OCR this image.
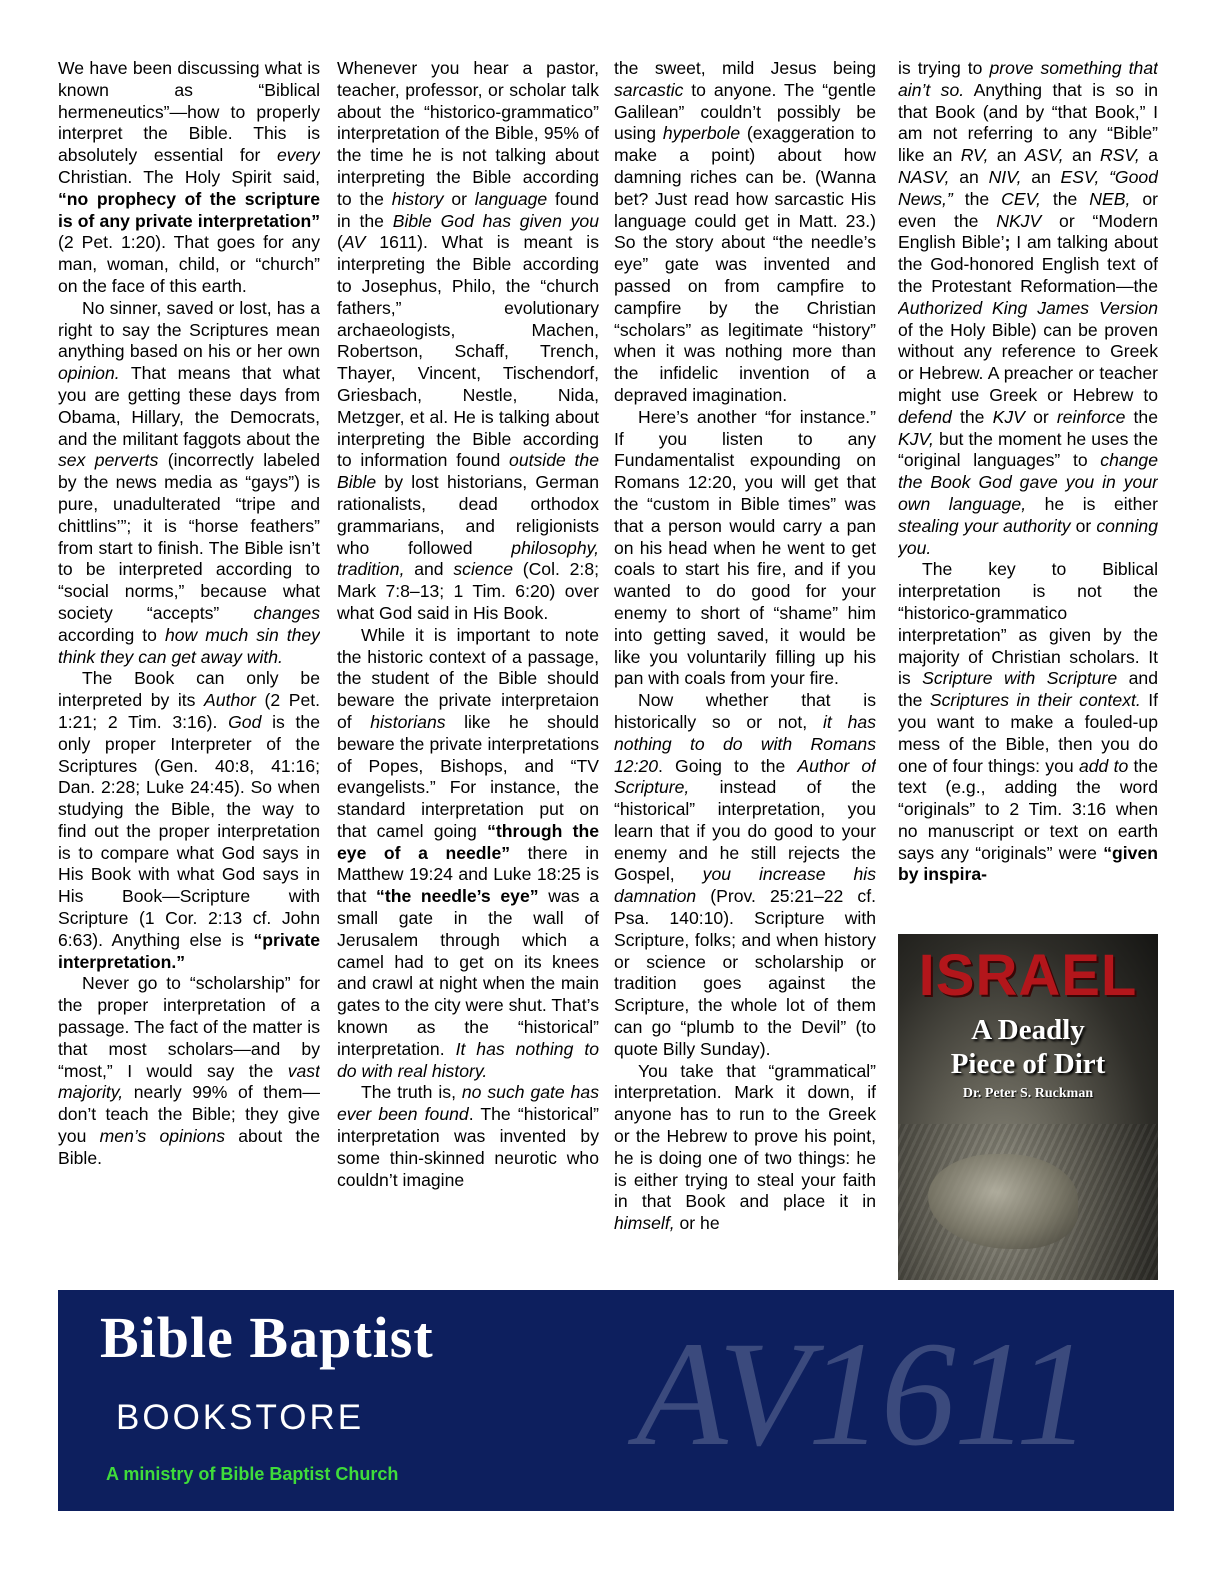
We have been discussing what is known as “Biblical hermeneutics”—how to properly interpret the Bible. This is absolutely essential for every Christian. The Holy Spirit said, “no prophecy of the scripture is of any private interpretation” (2 Pet. 1:20). That goes for any man, woman, child, or “church” on the face of this earth.

No sinner, saved or lost, has a right to say the Scriptures mean anything based on his or her own opinion. That means that what you are getting these days from Obama, Hillary, the Democrats, and the militant faggots about the sex perverts (incorrectly labeled by the news media as “gays”) is pure, unadulterated “tripe and chittlins’”; it is “horse feathers” from start to finish. The Bible isn’t to be interpreted according to “social norms,” because what society “accepts” changes according to how much sin they think they can get away with.

The Book can only be interpreted by its Author (2 Pet. 1:21; 2 Tim. 3:16). God is the only proper Interpreter of the Scriptures (Gen. 40:8, 41:16; Dan. 2:28; Luke 24:45). So when studying the Bible, the way to find out the proper interpretation is to compare what God says in His Book with what God says in His Book—Scripture with Scripture (1 Cor. 2:13 cf. John 6:63). Anything else is “private interpretation.”

Never go to “scholarship” for the proper interpretation of a passage. The fact of the matter is that most scholars—and by “most,” I would say the vast majority, nearly 99% of them—don’t teach the Bible; they give you men’s opinions about the Bible.

Whenever you hear a pastor, teacher, professor, or scholar talk about the “historico-grammatico” interpretation of the Bible, 95% of the time he is not talking about interpreting the Bible according to the history or language found in the Bible God has given you (AV 1611). What is meant is interpreting the Bible according to Josephus, Philo, the “church fathers,” evolutionary archaeologists, Machen, Robertson, Schaff, Trench, Thayer, Vincent, Tischendorf, Griesbach, Nestle, Nida, Metzger, et al. He is talking about interpreting the Bible according to information found outside the Bible by lost historians, German rationalists, dead orthodox grammarians, and religionists who followed philosophy, tradition, and science (Col. 2:8; Mark 7:8–13; 1 Tim. 6:20) over what God said in His Book.

While it is important to note the historic context of a passage, the student of the Bible should beware the private interpretaion of historians like he should beware the private interpretations of Popes, Bishops, and “TV evangelists.” For instance, the standard interpretation put on that camel going “through the eye of a needle” there in Matthew 19:24 and Luke 18:25 is that “the needle’s eye” was a small gate in the wall of Jerusalem through which a camel had to get on its knees and crawl at night when the main gates to the city were shut. That’s known as the “historical” interpretation. It has nothing to do with real history.

The truth is, no such gate has ever been found. The “historical” interpretation was invented by some thin-skinned neurotic who couldn’t imagine

the sweet, mild Jesus being sarcastic to anyone. The “gentle Galilean” couldn’t possibly be using hyperbole (exaggeration to make a point) about how damning riches can be. (Wanna bet? Just read how sarcastic His language could get in Matt. 23.) So the story about “the needle’s eye” gate was invented and passed on from campfire to campfire by the Christian “scholars” as legitimate “history” when it was nothing more than the infidelic invention of a depraved imagination.

Here’s another “for instance.” If you listen to any Fundamentalist expounding on Romans 12:20, you will get that the “custom in Bible times” was that a person would carry a pan on his head when he went to get coals to start his fire, and if you wanted to do good for your enemy to short of “shame” him into getting saved, it would be like you voluntarily filling up his pan with coals from your fire.

Now whether that is historically so or not, it has nothing to do with Romans 12:20. Going to the Author of Scripture, instead of the “historical” interpretation, you learn that if you do good to your enemy and he still rejects the Gospel, you increase his damnation (Prov. 25:21–22 cf. Psa. 140:10). Scripture with Scripture, folks; and when history or science or scholarship or tradition goes against the Scripture, the whole lot of them can go “plumb to the Devil” (to quote Billy Sunday).

You take that “grammatical” interpretation. Mark it down, if anyone has to run to the Greek or the Hebrew to prove his point, he is doing one of two things: he is either trying to steal your faith in that Book and place it in himself, or he

is trying to prove something that ain’t so. Anything that is so in that Book (and by “that Book,” I am not referring to any “Bible” like an RV, an ASV, an RSV, a NASV, an NIV, an ESV, “Good News,” the CEV, the NEB, or even the NKJV or “Modern English Bible’; I am talking about the God-honored English text of the Protestant Reformation—the Authorized King James Version of the Holy Bible) can be proven without any reference to Greek or Hebrew. A preacher or teacher might use Greek or Hebrew to defend the KJV or reinforce the KJV, but the moment he uses the “original languages” to change the Book God gave you in your own language, he is either stealing your authority or conning you.

The key to Biblical interpretation is not the “historico-grammatico interpretation” as given by the majority of Christian scholars. It is Scripture with Scripture and the Scriptures in their context. If you want to make a fouled-up mess of the Bible, then you do one of four things: you add to the text (e.g., adding the word “originals” to 2 Tim. 3:16 when no manuscript or text on earth says any “originals” were “given by inspira-

ISRAEL
A Deadly
Piece of Dirt
Dr. Peter S. Ruckman
AV1611
Bible Baptist
BOOKSTORE
A ministry of Bible Baptist Church
